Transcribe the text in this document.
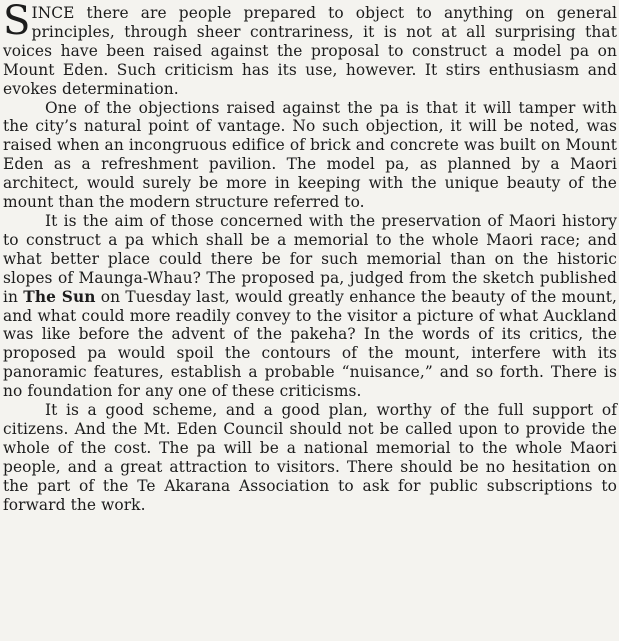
SINCE there are people prepared to object to anything on general principles, through sheer contrariness, it is not at all surprising that voices have been raised against the proposal to construct a model pa on Mount Eden. Such criticism has its use, however. It stirs enthusiasm and evokes determination.

One of the objections raised against the pa is that it will tamper with the city’s natural point of vantage. No such objection, it will be noted, was raised when an incongruous edifice of brick and concrete was built on Mount Eden as a refreshment pavilion. The model pa, as planned by a Maori architect, would surely be more in keeping with the unique beauty of the mount than the modern structure referred to.

It is the aim of those concerned with the preservation of Maori history to construct a pa which shall be a memorial to the whole Maori race; and what better place could there be for such memorial than on the historic slopes of Maunga-Whau? The proposed pa, judged from the sketch published in The Sun on Tuesday last, would greatly enhance the beauty of the mount, and what could more readily convey to the visitor a picture of what Auckland was like before the advent of the pakeha? In the words of its critics, the proposed pa would spoil the contours of the mount, interfere with its panoramic features, establish a probable “nuisance,” and so forth. There is no foundation for any one of these criticisms.

It is a good scheme, and a good plan, worthy of the full support of citizens. And the Mt. Eden Council should not be called upon to provide the whole of the cost. The pa will be a national memorial to the whole Maori people, and a great attraction to visitors. There should be no hesitation on the part of the Te Akarana Association to ask for public subscriptions to forward the work.
